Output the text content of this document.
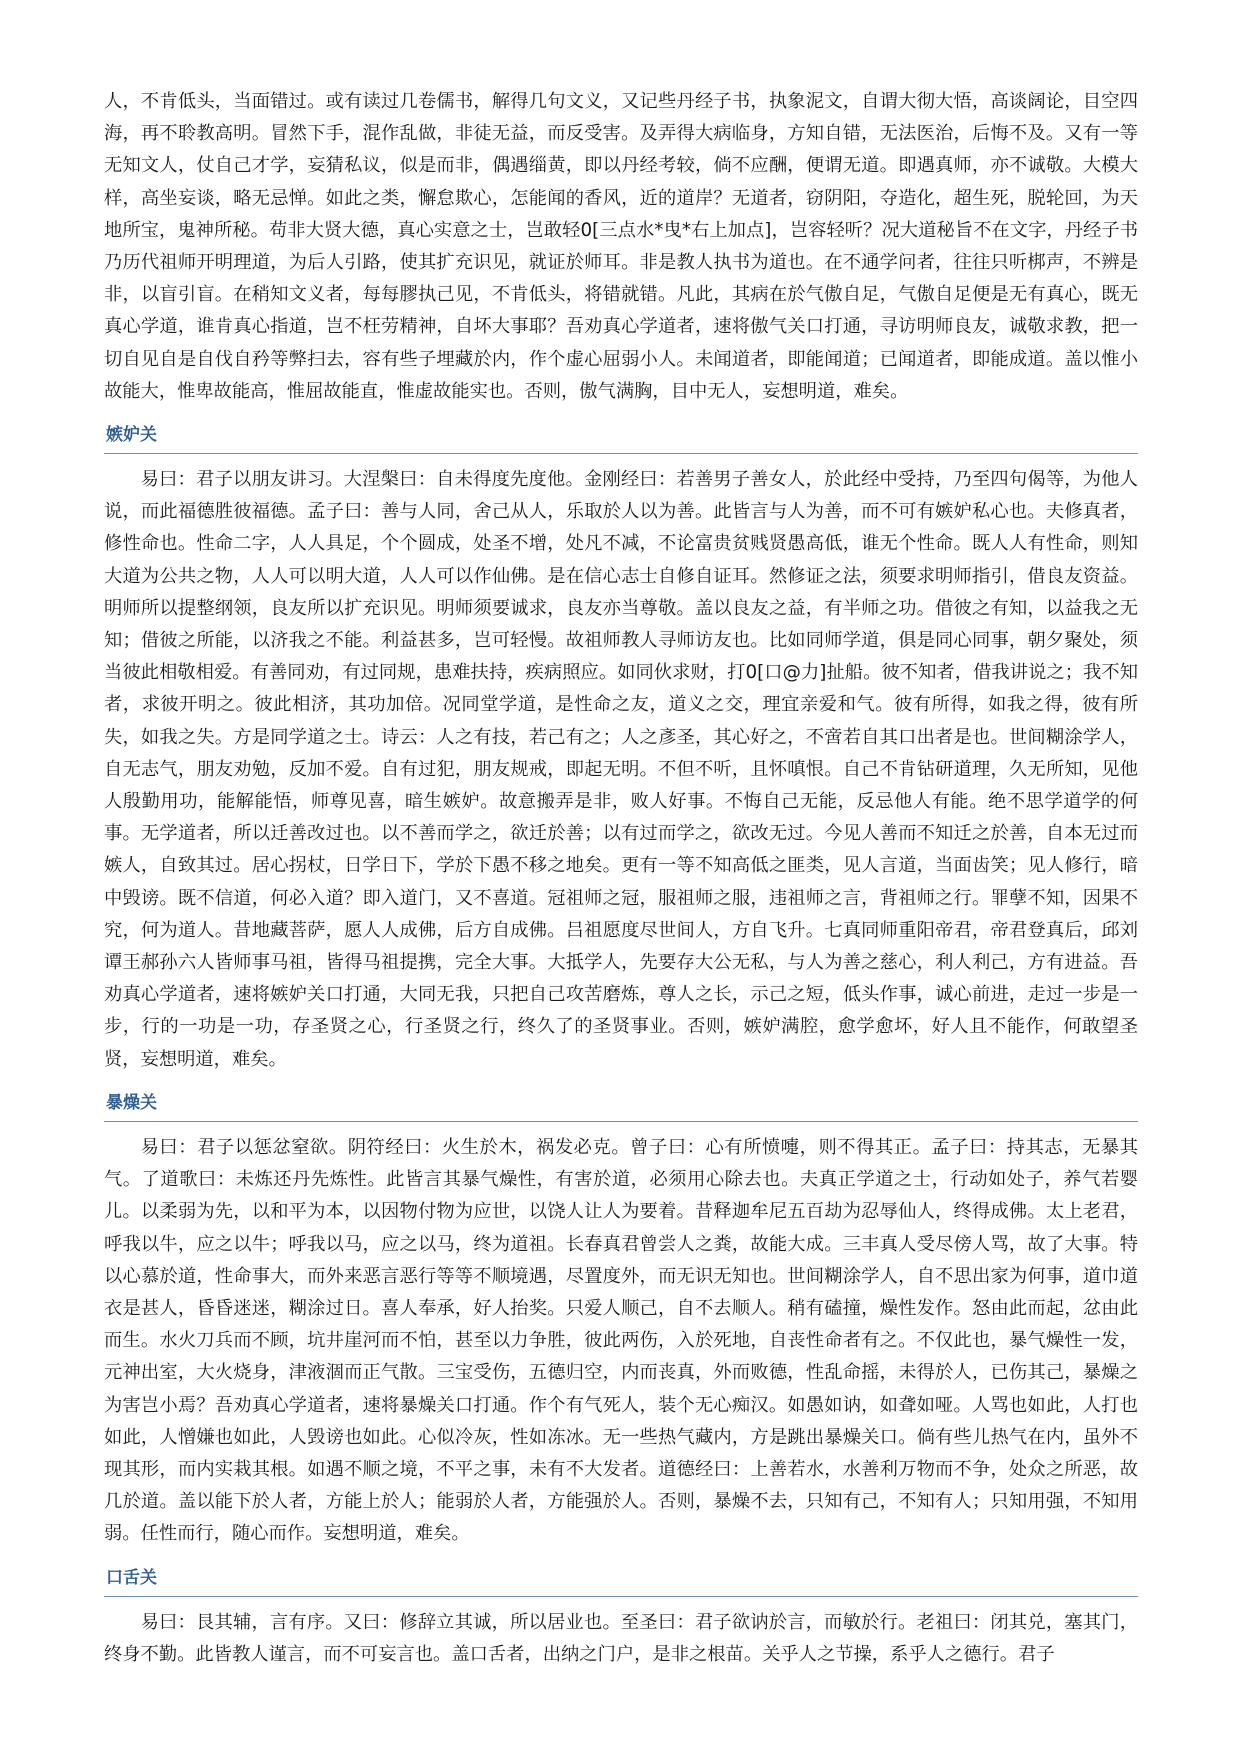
人，不肯低头，当面错过。或有读过几卷儒书，解得几句文义，又记些丹经子书，执象泥文，自谓大彻大悟，高谈阔论，目空四海，再不聆教高明。冒然下手，混作乱做，非徒无益，而反受害。及弄得大病临身，方知自错，无法医治，后悔不及。又有一等无知文人，仗自己才学，妄猜私议，似是而非，偶遇缁黄，即以丹经考较，倘不应酬，便谓无道。即遇真师，亦不诚敬。大模大样，高坐妄谈，略无忌惮。如此之类，懈怠欺心，怎能闻的香风，近的道岸？无道者，窃阴阳，夺造化，超生死，脱轮回，为天地所宝，鬼神所秘。苟非大贤大德，真心实意之士，岂敢轻0[三点水*曳*右上加点]，岂容轻听？况大道秘旨不在文字，丹经子书乃历代祖师开明理道，为后人引路，使其扩充识见，就证於师耳。非是教人执书为道也。在不通学问者，往往只听梆声，不辨是非，以盲引盲。在稍知文义者，每每膠执己见，不肯低头，将错就错。凡此，其病在於气傲自足，气傲自足便是无有真心，既无真心学道，谁肯真心指道，岂不枉劳精神，自坏大事耶？吾劝真心学道者，速将傲气关口打通，寻访明师良友，诚敬求教，把一切自见自是自伐自矜等弊扫去，容有些子埋藏於内，作个虚心屈弱小人。未闻道者，即能闻道；已闻道者，即能成道。盖以惟小故能大，惟卑故能高，惟屈故能直，惟虚故能实也。否则，傲气满胸，目中无人，妄想明道，难矣。

嫉妒关

易曰：君子以朋友讲习。大涅槃曰：自未得度先度他。金刚经曰：若善男子善女人，於此经中受持，乃至四句偈等，为他人说，而此福德胜彼福德。孟子曰：善与人同，舍己从人，乐取於人以为善。此皆言与人为善，而不可有嫉妒私心也。夫修真者，修性命也。性命二字，人人具足，个个圆成，处圣不增，处凡不减，不论富贵贫贱贤愚高低，谁无个性命。既人人有性命，则知大道为公共之物，人人可以明大道，人人可以作仙佛。是在信心志士自修自证耳。然修证之法，须要求明师指引，借良友资益。明师所以提整纲领，良友所以扩充识见。明师须要诚求，良友亦当尊敬。盖以良友之益，有半师之功。借彼之有知，以益我之无知；借彼之所能，以济我之不能。利益甚多，岂可轻慢。故祖师教人寻师访友也。比如同师学道，俱是同心同事，朝夕聚处，须当彼此相敬相爱。有善同劝，有过同规，患难扶持，疾病照应。如同伙求财，打0[口@力]扯船。彼不知者，借我讲说之；我不知者，求彼开明之。彼此相济，其功加倍。况同堂学道，是性命之友，道义之交，理宜亲爱和气。彼有所得，如我之得，彼有所失，如我之失。方是同学道之士。诗云：人之有技，若己有之；人之彥圣，其心好之，不啻若自其口出者是也。世间糊涂学人，自无志气，朋友劝勉，反加不爱。自有过犯，朋友规戒，即起无明。不但不听，且怀嗔恨。自己不肯钻研道理，久无所知，见他人殷勤用功，能解能悟，师尊见喜，暗生嫉妒。故意搬弄是非，败人好事。不悔自己无能，反忌他人有能。绝不思学道学的何事。无学道者，所以迁善改过也。以不善而学之，欲迁於善；以有过而学之，欲改无过。今见人善而不知迁之於善，自本无过而嫉人，自致其过。居心拐杖，日学日下，学於下愚不移之地矣。更有一等不知高低之匪类，见人言道，当面齿笑；见人修行，暗中毁谤。既不信道，何必入道？即入道门，又不喜道。冠祖师之冠，服祖师之服，违祖师之言，背祖师之行。罪孽不知，因果不究，何为道人。昔地藏菩萨，愿人人成佛，后方自成佛。吕祖愿度尽世间人，方自飞升。七真同师重阳帝君，帝君登真后，邱刘谭王郝孙六人皆师事马祖，皆得马祖提携，完全大事。大抵学人，先要存大公无私，与人为善之慈心，利人利己，方有进益。吾劝真心学道者，速将嫉妒关口打通，大同无我，只把自己攻苦磨炼，尊人之长，示己之短，低头作事，诚心前进，走过一步是一步，行的一功是一功，存圣贤之心，行圣贤之行，终久了的圣贤事业。否则，嫉妒满腔，愈学愈坏，好人且不能作，何敢望圣贤，妄想明道，难矣。

暴燥关

易曰：君子以惩忿窒欲。阴符经曰：火生於木，祸发必克。曾子曰：心有所愤嚏，则不得其正。孟子曰：持其志，无暴其气。了道歌曰：未炼还丹先炼性。此皆言其暴气燥性，有害於道，必须用心除去也。夫真正学道之士，行动如处子，养气若婴儿。以柔弱为先，以和平为本，以因物付物为应世，以饶人让人为要着。昔释迦牟尼五百劫为忍辱仙人，终得成佛。太上老君，呼我以牛，应之以牛；呼我以马，应之以马，终为道祖。长春真君曾尝人之粪，故能大成。三丰真人受尽傍人骂，故了大事。特以心慕於道，性命事大，而外来恶言恶行等等不顺境遇，尽置度外，而无识无知也。世间糊涂学人，自不思出家为何事，道巾道衣是甚人，昏昏迷迷，糊涂过日。喜人奉承，好人抬奖。只爱人顺己，自不去顺人。稍有磕撞，燥性发作。怒由此而起，忿由此而生。水火刀兵而不顾，坑井崖河而不怕，甚至以力争胜，彼此两伤，入於死地，自丧性命者有之。不仅此也，暴气燥性一发，元神出室，大火烧身，津液涸而正气散。三宝受伤，五德归空，内而丧真，外而败德，性乱命摇，未得於人，已伤其己，暴燥之为害岂小焉？吾劝真心学道者，速将暴燥关口打通。作个有气死人，装个无心痴汉。如愚如讷，如聋如哑。人骂也如此，人打也如此，人憎嫌也如此，人毁谤也如此。心似冷灰，性如冻冰。无一些热气藏内，方是跳出暴燥关口。倘有些儿热气在内，虽外不现其形，而内实栽其根。如遇不顺之境，不平之事，未有不大发者。道德经曰：上善若水，水善利万物而不争，处众之所恶，故几於道。盖以能下於人者，方能上於人；能弱於人者，方能强於人。否则，暴燥不去，只知有己，不知有人；只知用强，不知用弱。任性而行，随心而作。妄想明道，难矣。

口舌关

易曰：艮其辅，言有序。又曰：修辞立其诚，所以居业也。至圣曰：君子欲讷於言，而敏於行。老祖曰：闭其兑，塞其门，终身不勤。此皆教人谨言，而不可妄言也。盖口舌者，出纳之门户，是非之根苗。关乎人之节操，系乎人之德行。君子
